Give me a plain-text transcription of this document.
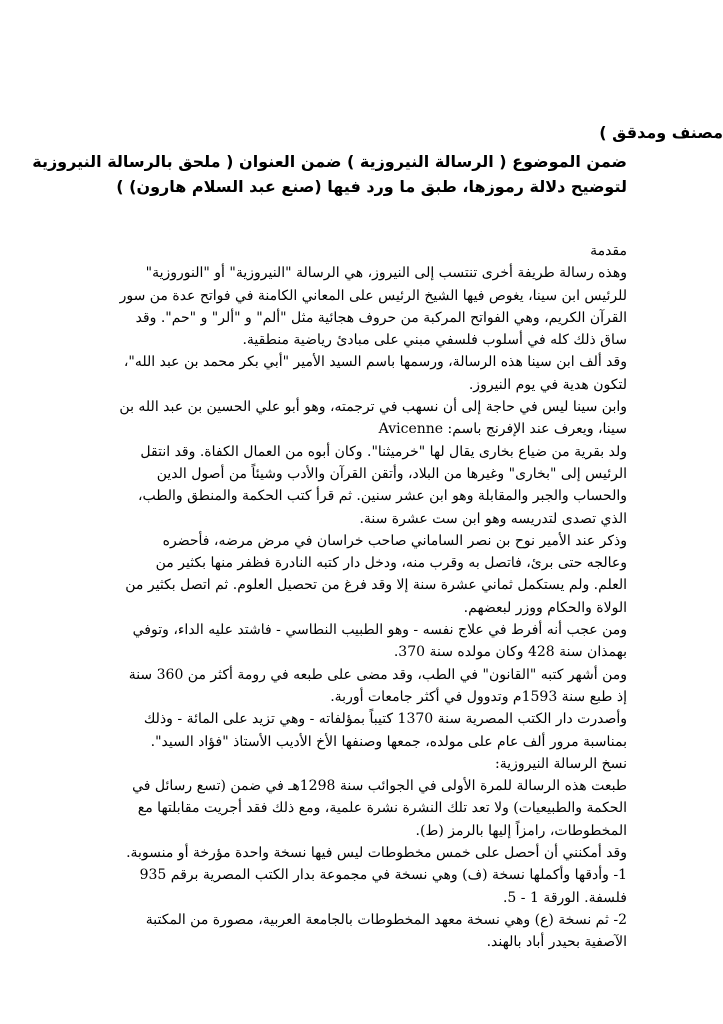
مصنف ومدقق )
ضمن الموضوع ( الرسالة النيروزية ) ضمن العنوان ( ملحق بالرسالة النيروزية
لتوضيح دلالة رموزها، طبق ما ورد فيها (صنع عبد السلام هارون) )
مقدمة
وهذه رسالة طريفة أخرى تنتسب إلى النيروز، هي الرسالة "النيروزية" أو "النوروزية"
للرئيس ابن سينا، يغوص فيها الشيخ الرئيس على المعاني الكامنة في فواتح عدة من سور
القرآن الكريم، وهي الفواتح المركبة من حروف هجائية مثل "ألم" و "ألر" و "حم". وقد
ساق ذلك كله في أسلوب فلسفي مبني على مبادئ رياضية منطقية.
وقد ألف ابن سينا هذه الرسالة، ورسمها باسم السيد الأمير "أبي بكر محمد بن عبد الله"،
لتكون هدية في يوم النيروز.
وابن سينا ليس في حاجة إلى أن نسهب في ترجمته، وهو أبو علي الحسين بن عبد الله بن
سينا، ويعرف عند الإفرنج باسم: Avicenne
ولد بقرية من ضياع بخارى يقال لها "خرميثنا". وكان أبوه من العمال الكفاة. وقد انتقل
الرئيس إلى "بخارى" وغيرها من البلاد، وأتقن القرآن والأدب وشيئاً من أصول الدين
والحساب والجبر والمقابلة وهو ابن عشر سنين. ثم قرأ كتب الحكمة والمنطق والطب،
الذي تصدى لتدريسه وهو ابن ست عشرة سنة.
وذكر عند الأمير نوح بن نصر الساماني صاحب خراسان في مرض مرضه، فأحضره
وعالجه حتى برئ، فاتصل به وقرب منه، ودخل دار كتبه النادرة فظفر منها بكثير من
العلم. ولم يستكمل ثماني عشرة سنة إلا وقد فرغ من تحصيل العلوم. ثم اتصل بكثير من
الولاة والحكام ووزر لبعضهم.
ومن عجب أنه أفرط في علاج نفسه - وهو الطبيب النطاسي - فاشتد عليه الداء، وتوفي
بهمذان سنة 428 وكان مولده سنة 370.
ومن أشهر كتبه "القانون" في الطب، وقد مضى على طبعه في رومة أكثر من 360 سنة
إذ طبع سنة 1593م وتدوول في أكثر جامعات أوربة.
وأصدرت دار الكتب المصرية سنة 1370 كتيباً بمؤلفاته - وهي تزيد على المائة - وذلك
بمناسبة مرور ألف عام على مولده، جمعها وصنفها الأخ الأديب الأستاذ "فؤاد السيد".
نسخ الرسالة النيروزية:
طبعت هذه الرسالة للمرة الأولى في الجوائب سنة 1298هـ في ضمن (تسع رسائل في
الحكمة والطبيعيات) ولا تعد تلك النشرة نشرة علمية، ومع ذلك فقد أجريت مقابلتها مع
المخطوطات، رامزاً إليها بالرمز (ط).
وقد أمكنني أن أحصل على خمس مخطوطات ليس فيها نسخة واحدة مؤرخة أو منسوبة.
1- وأدقها وأكملها نسخة (ف) وهي نسخة في مجموعة بدار الكتب المصرية برقم 935
فلسفة. الورقة 1 - 5.
2- ثم نسخة (ع) وهي نسخة معهد المخطوطات بالجامعة العربية، مصورة من المكتبة
الآصفية بحيدر أباد بالهند.
